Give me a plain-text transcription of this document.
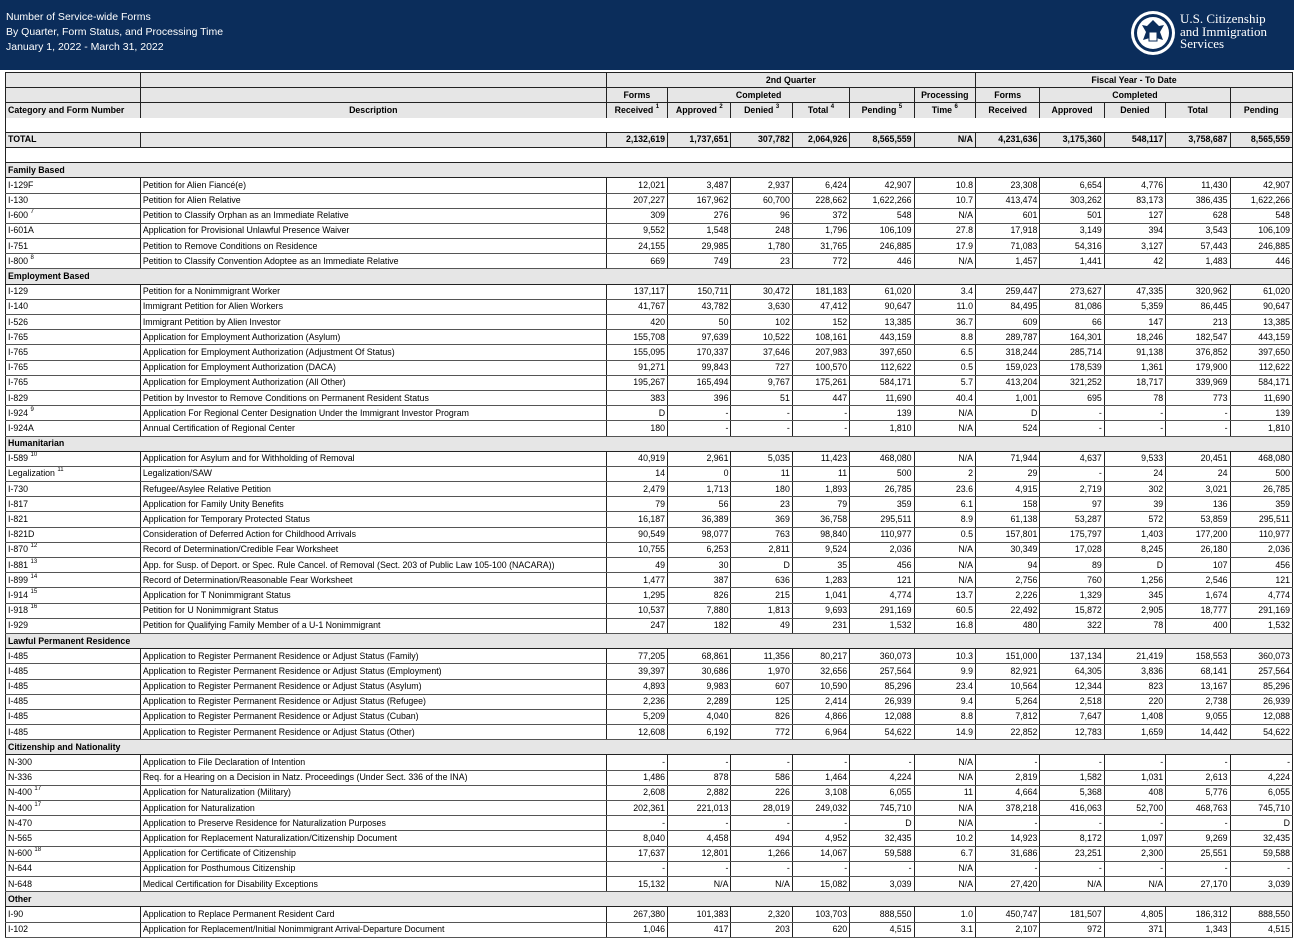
Number of Service-wide Forms
By Quarter, Form Status, and Processing Time
January 1, 2022 - March 31, 2022
U.S. Citizenship
and Immigration
Services
		2nd Quarter						Fiscal Year - To Date				
		Forms	Completed				Processing	Forms	Completed			
Category and Form Number	Description	Received $^1$	Approved $^2$	Denied $^3$	Total $^4$	Pending $^5$	Time $^6$	Received	Approved	Denied	Total	Pending

TOTAL		2,132,619	1,737,651	307,782	2,064,926	8,565,559	N/A	4,231,636	3,175,360	548,117	3,758,687	8,565,559

Family Based												
I-129F	Petition for Alien Fiancé(e)	12,021	3,487	2,937	6,424	42,907	10.8	23,308	6,654	4,776	11,430	42,907
I-130	Petition for Alien Relative	207,227	167,962	60,700	228,662	1,622,266	10.7	413,474	303,262	83,173	386,435	1,622,266
I-600 $^7$	Petition to Classify Orphan as an Immediate Relative	309	276	96	372	548	N/A	601	501	127	628	548
I-601A	Application for Provisional Unlawful Presence Waiver	9,552	1,548	248	1,796	106,109	27.8	17,918	3,149	394	3,543	106,109
I-751	Petition to Remove Conditions on Residence	24,155	29,985	1,780	31,765	246,885	17.9	71,083	54,316	3,127	57,443	246,885
I-800 $^8$	Petition to Classify Convention Adoptee as an Immediate Relative	669	749	23	772	446	N/A	1,457	1,441	42	1,483	446
Employment Based												
I-129	Petition for a Nonimmigrant Worker	137,117	150,711	30,472	181,183	61,020	3.4	259,447	273,627	47,335	320,962	61,020
I-140	Immigrant Petition for Alien Workers	41,767	43,782	3,630	47,412	90,647	11.0	84,495	81,086	5,359	86,445	90,647
I-526	Immigrant Petition by Alien Investor	420	50	102	152	13,385	36.7	609	66	147	213	13,385
I-765	Application for Employment Authorization (Asylum)	155,708	97,639	10,522	108,161	443,159	8.8	289,787	164,301	18,246	182,547	443,159
I-765	Application for Employment Authorization (Adjustment Of Status)	155,095	170,337	37,646	207,983	397,650	6.5	318,244	285,714	91,138	376,852	397,650
I-765	Application for Employment Authorization (DACA)	91,271	99,843	727	100,570	112,622	0.5	159,023	178,539	1,361	179,900	112,622
I-765	Application for Employment Authorization (All Other)	195,267	165,494	9,767	175,261	584,171	5.7	413,204	321,252	18,717	339,969	584,171
I-829	Petition by Investor to Remove Conditions on Permanent Resident Status	383	396	51	447	11,690	40.4	1,001	695	78	773	11,690
I-924 $^9$	Application For Regional Center Designation Under the Immigrant Investor Program	D	-	-	-	139	N/A	D	-	-	-	139
I-924A	Annual Certification of Regional Center	180	-	-	-	1,810	N/A	524	-	-	-	1,810
Humanitarian												
I-589 $^{10}$	Application for Asylum and for Withholding of Removal	40,919	2,961	5,035	11,423	468,080	N/A	71,944	4,637	9,533	20,451	468,080
Legalization $^{11}$	Legalization/SAW	14	0	11	11	500	2	29	-	24	24	500
I-730	Refugee/Asylee Relative Petition	2,479	1,713	180	1,893	26,785	23.6	4,915	2,719	302	3,021	26,785
I-817	Application for Family Unity Benefits	79	56	23	79	359	6.1	158	97	39	136	359
I-821	Application for Temporary Protected Status	16,187	36,389	369	36,758	295,511	8.9	61,138	53,287	572	53,859	295,511
I-821D	Consideration of Deferred Action for Childhood Arrivals	90,549	98,077	763	98,840	110,977	0.5	157,801	175,797	1,403	177,200	110,977
I-870 $^{12}$	Record of Determination/Credible Fear Worksheet	10,755	6,253	2,811	9,524	2,036	N/A	30,349	17,028	8,245	26,180	2,036
I-881 $^{13}$	App. for Susp. of Deport. or Spec. Rule Cancel. of Removal (Sect. 203 of Public Law 105-100 (NACARA))	49	30	D	35	456	N/A	94	89	D	107	456
I-899 $^{14}$	Record of Determination/Reasonable Fear Worksheet	1,477	387	636	1,283	121	N/A	2,756	760	1,256	2,546	121
I-914 $^{15}$	Application for T Nonimmigrant Status	1,295	826	215	1,041	4,774	13.7	2,226	1,329	345	1,674	4,774
I-918 $^{16}$	Petition for U Nonimmigrant Status	10,537	7,880	1,813	9,693	291,169	60.5	22,492	15,872	2,905	18,777	291,169
I-929	Petition for Qualifying Family Member of a U-1 Nonimmigrant	247	182	49	231	1,532	16.8	480	322	78	400	1,532
Lawful Permanent Residence												
I-485	Application to Register Permanent Residence or Adjust Status (Family)	77,205	68,861	11,356	80,217	360,073	10.3	151,000	137,134	21,419	158,553	360,073
I-485	Application to Register Permanent Residence or Adjust Status (Employment)	39,397	30,686	1,970	32,656	257,564	9.9	82,921	64,305	3,836	68,141	257,564
I-485	Application to Register Permanent Residence or Adjust Status (Asylum)	4,893	9,983	607	10,590	85,296	23.4	10,564	12,344	823	13,167	85,296
I-485	Application to Register Permanent Residence or Adjust Status (Refugee)	2,236	2,289	125	2,414	26,939	9.4	5,264	2,518	220	2,738	26,939
I-485	Application to Register Permanent Residence or Adjust Status (Cuban)	5,209	4,040	826	4,866	12,088	8.8	7,812	7,647	1,408	9,055	12,088
I-485	Application to Register Permanent Residence or Adjust Status (Other)	12,608	6,192	772	6,964	54,622	14.9	22,852	12,783	1,659	14,442	54,622
Citizenship and Nationality												
N-300	Application to File Declaration of Intention	-	-	-	-	-	N/A	-	-	-	-	-
N-336	Req. for a Hearing on a Decision in Natz. Proceedings (Under Sect. 336 of the INA)	1,486	878	586	1,464	4,224	N/A	2,819	1,582	1,031	2,613	4,224
N-400 $^{17}$	Application for Naturalization (Military)	2,608	2,882	226	3,108	6,055	11	4,664	5,368	408	5,776	6,055
N-400 $^{17}$	Application for Naturalization	202,361	221,013	28,019	249,032	745,710	N/A	378,218	416,063	52,700	468,763	745,710
N-470	Application to Preserve Residence for Naturalization Purposes	-	-	-	-	D	N/A	-	-	-	-	D
N-565	Application for Replacement Naturalization/Citizenship Document	8,040	4,458	494	4,952	32,435	10.2	14,923	8,172	1,097	9,269	32,435
N-600 $^{18}$	Application for Certificate of Citizenship	17,637	12,801	1,266	14,067	59,588	6.7	31,686	23,251	2,300	25,551	59,588
N-644	Application for Posthumous Citizenship	-	-	-	-	-	N/A	-	-	-	-	-
N-648	Medical Certification for Disability Exceptions	15,132	N/A	N/A	15,082	3,039	N/A	27,420	N/A	N/A	27,170	3,039
Other												
I-90	Application to Replace Permanent Resident Card	267,380	101,383	2,320	103,703	888,550	1.0	450,747	181,507	4,805	186,312	888,550
I-102	Application for Replacement/Initial Nonimmigrant Arrival-Departure Document	1,046	417	203	620	4,515	3.1	2,107	972	371	1,343	4,515
